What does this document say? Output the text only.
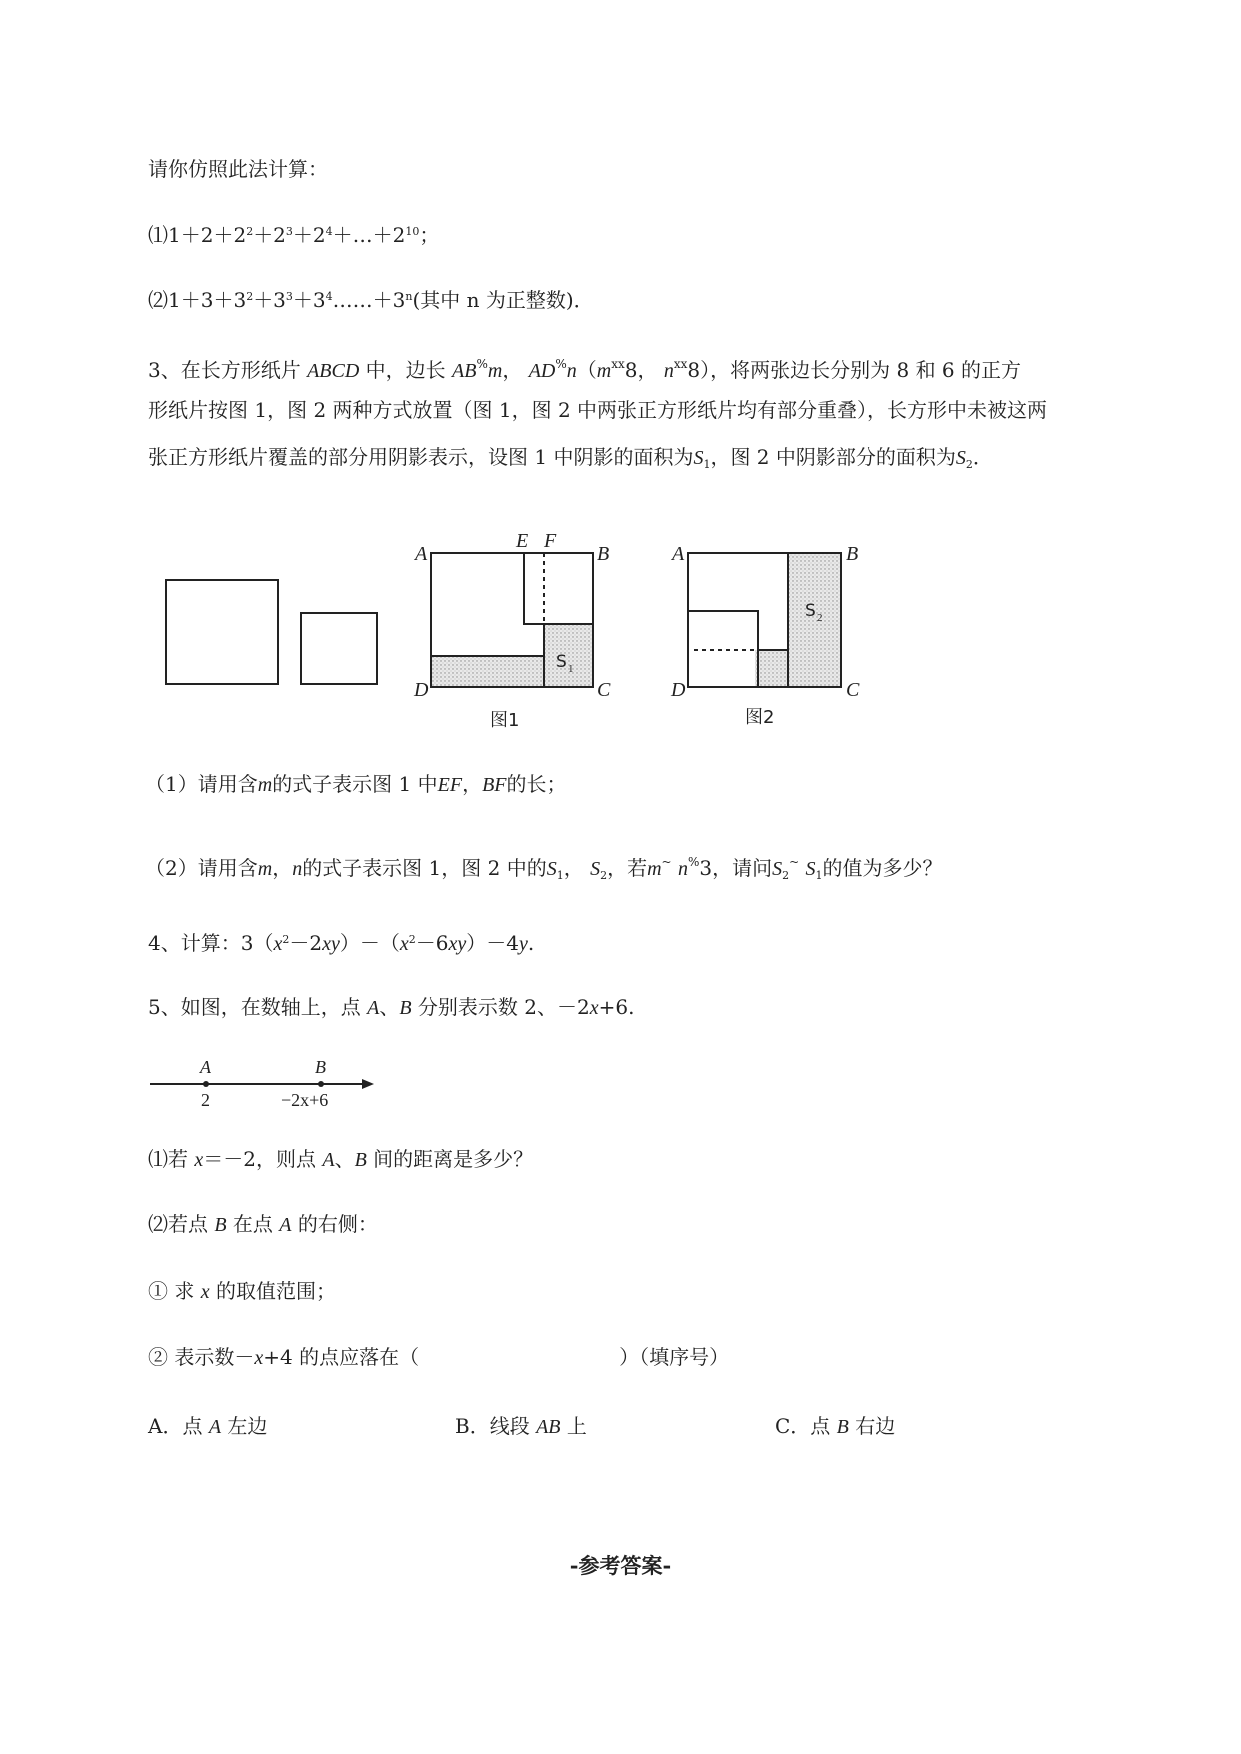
请你仿照此法计算：
$⑴1+2+2^2+2^3+2^4+\dots+2^{10}$；
$⑵1+3+3^2+3^3+3^4\dots\dots+3^n$(其中 n 为正整数)．
3、在长方形纸片 ABCD 中，边长 AB%m， $AD^{\%}n(m^{xx}8$， $n^{xx}8$），将两张边长分别为 8 和 6 的正方
形纸片按图 1，图 2 两种方式放置（图 1，图 2 中两张正方形纸片均有部分重叠），长方形中未被这两
张正方形纸片覆盖的部分用阴影表示，设图 1 中阴影的面积为$S_1$，图 2 中阴影部分的面积为$S_2$．
A	B
C
D
E F
S 1
图1
A	B
C
D
S 2
图2
（1）请用含m的式子表示图 1 中EF，BF的长；
（2）请用含m，n的式子表示图 1，图 2 中的$S_1$， $S_2$，若m~ n%3，请问$S_2^\sim$ $S_1$的值为多少？
4、计算：$3(x^2-2xy)-(x^2-6xy)-4y$.
5、如图，在数轴上，点 A、B 分别表示数 2、－2x+6.
A	B
2	−2x+6
⑴若 x＝－2，则点 A、B 间的距离是多少？
⑵若点 B 在点 A 的右侧：
① 求 x 的取值范围；
② 表示数－x+4 的点应落在（	）（填序号）
A．点 A 左边	B．线段 AB 上	C．点 B 右边
-参考答案-
